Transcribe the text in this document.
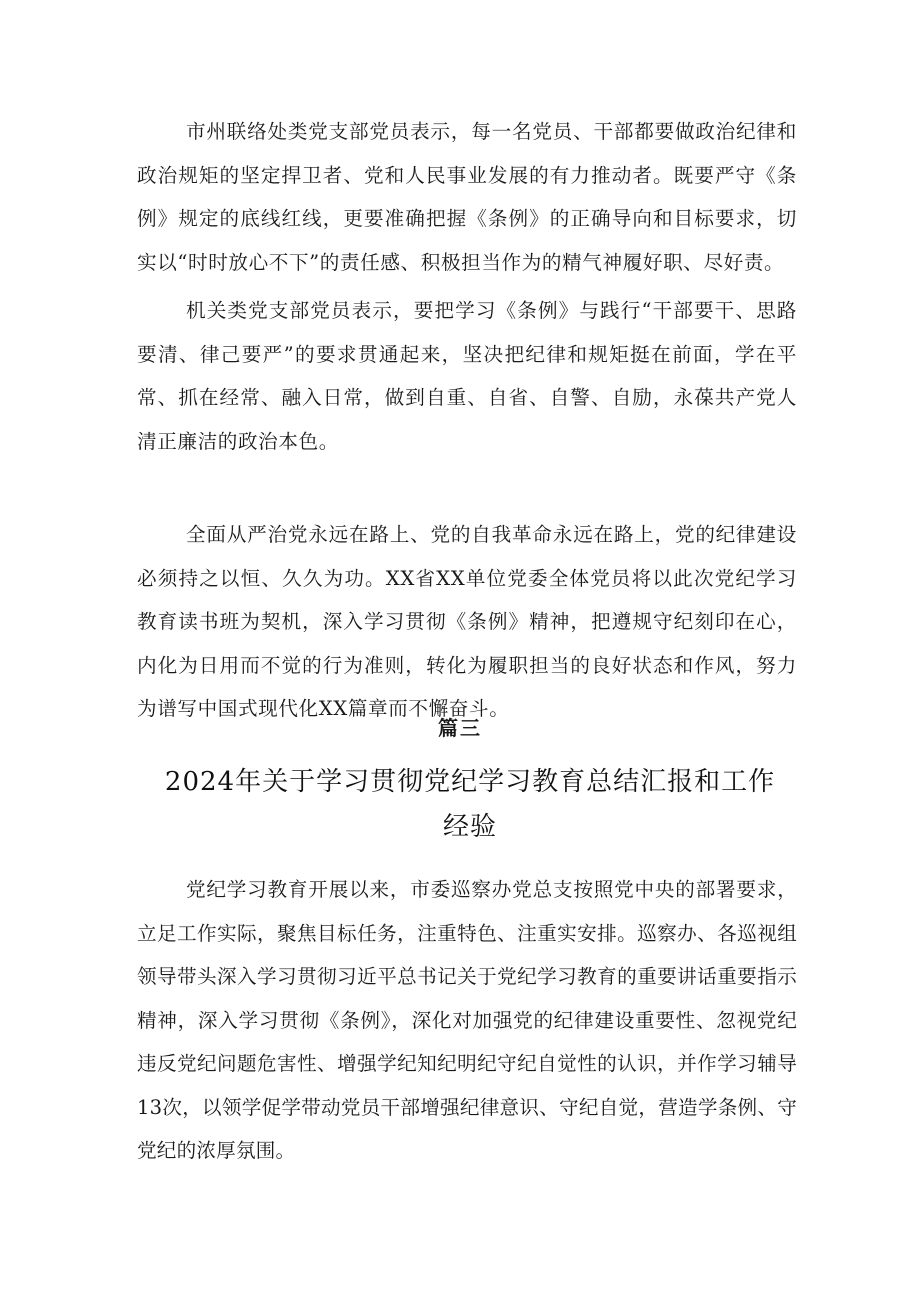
市州联络处类党支部党员表示，每一名党员、干部都要做政治纪律和政治规矩的坚定捍卫者、党和人民事业发展的有力推动者。既要严守《条例》规定的底线红线，更要准确把握《条例》的正确导向和目标要求，切实以“时时放心不下”的责任感、积极担当作为的精气神履好职、尽好责。

机关类党支部党员表示，要把学习《条例》与践行“干部要干、思路要清、律己要严”的要求贯通起来，坚决把纪律和规矩挺在前面，学在平常、抓在经常、融入日常，做到自重、自省、自警、自励，永葆共产党人清正廉洁的政治本色。

全面从严治党永远在路上、党的自我革命永远在路上，党的纪律建设必须持之以恒、久久为功。XX省XX单位党委全体党员将以此次党纪学习教育读书班为契机，深入学习贯彻《条例》精神，把遵规守纪刻印在心，内化为日用而不觉的行为准则，转化为履职担当的良好状态和作风，努力为谱写中国式现代化XX篇章而不懈奋斗。

篇三

2024年关于学习贯彻党纪学习教育总结汇报和工作经验

党纪学习教育开展以来，市委巡察办党总支按照党中央的部署要求，立足工作实际，聚焦目标任务，注重特色、注重实安排。巡察办、各巡视组领导带头深入学习贯彻习近平总书记关于党纪学习教育的重要讲话重要指示精神，深入学习贯彻《条例》，深化对加强党的纪律建设重要性、忽视党纪违反党纪问题危害性、增强学纪知纪明纪守纪自觉性的认识，并作学习辅导13次，以领学促学带动党员干部增强纪律意识、守纪自觉，营造学条例、守党纪的浓厚氛围。
